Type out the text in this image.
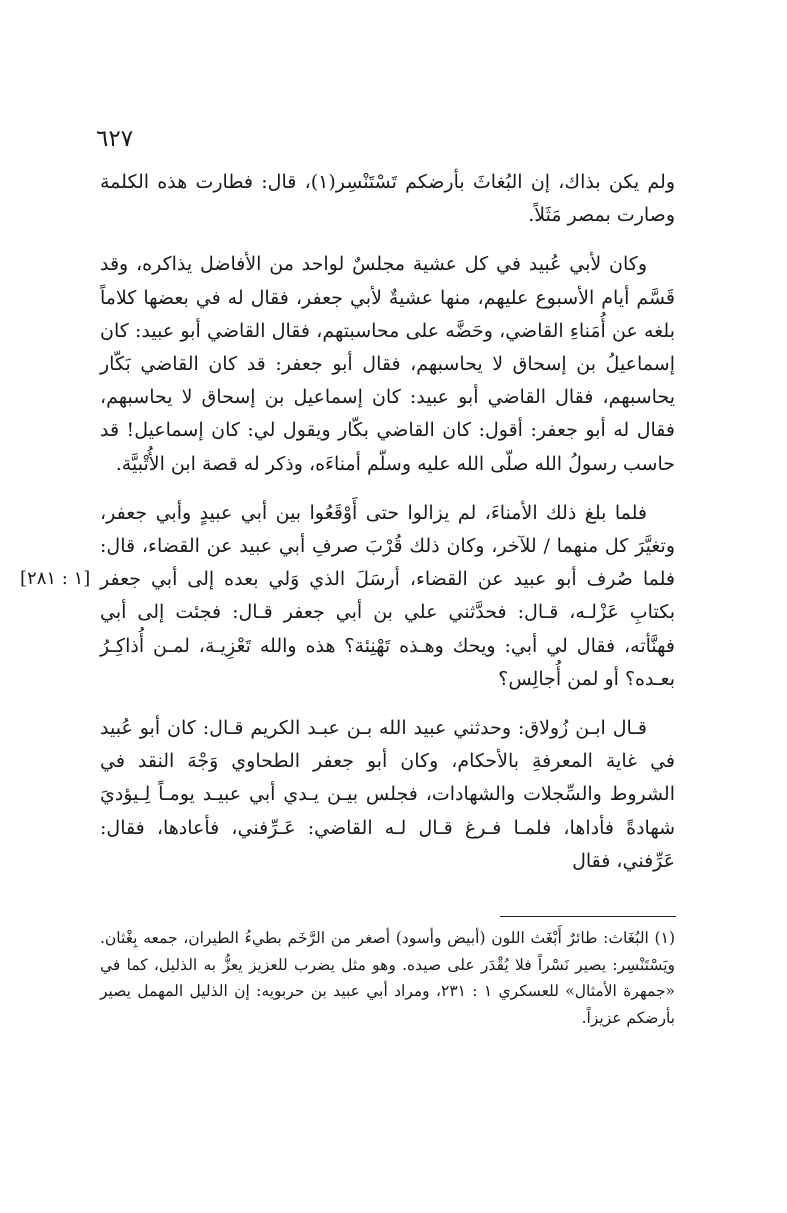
٦٢٧
[١ : ٢٨١]

ولم يكن بذاك، إن البُغاثَ بأرضكم تَسْتَنْسِر(١)، قال: فطارت هذه الكلمة وصارت بمصر مَثَلاً.

وكان لأبي عُبيد في كل عشية مجلسٌ لواحد من الأفاضل يذاكره، وقد قَسَّم أيام الأسبوع عليهم، منها عشيةٌ لأبي جعفر، فقال له في بعضها كلاماً بلغه عن أُمَناءِ القاضي، وحَضَّه على محاسبتهم، فقال القاضي أبو عبيد: كان إسماعيلُ بن إسحاق لا يحاسبهم، فقال أبو جعفر: قد كان القاضي بَكّار يحاسبهم، فقال القاضي أبو عبيد: كان إسماعيل بن إسحاق لا يحاسبهم، فقال له أبو جعفر: أقول: كان القاضي بكّار ويقول لي: كان إسماعيل! قد حاسب رسولُ الله صلّى الله عليه وسلّم أمناءَه، وذكر له قصة ابن الأُتْبيَّة.

فلما بلغ ذلك الأمناءَ، لم يزالوا حتى أَوْقَعُوا بين أبي عبيدٍ وأبي جعفر، وتغيَّرَ كل منهما / للآخر، وكان ذلك قُرْبَ صرفِ أبي عبيد عن القضاء، قال: فلما صُرف أبو عبيد عن القضاء، أرسَلَ الذي وَلي بعده إلى أبي جعفر بكتابِ عَزْلـه، قـال: فحدَّثني علي بن أبي جعفر قـال: فجئت إلى أبي فهنَّأته، فقال لي أبي: ويحك وهـذه تَهْنِئة؟ هذه والله تَعْزِيـة، لمـن أُذاكِـرُ بعـده؟ أو لمن أُجالِس؟

قـال ابـن زُولاق: وحدثني عبيد الله بـن عبـد الكريم قـال: كان أبو عُبيد في غاية المعرفةِ بالأحكام، وكان أبو جعفر الطحاوي وَجْهَ النقد في الشروط والسِّجلات والشهادات، فجلس بيـن يـدي أبي عبيـد يومـاً لِـيؤديَ شهادةً فأداها، فلمـا فـرغ قـال لـه القاضي: عَـرِّفني، فأعادها، فقال: عَرِّفني، فقال

(١) البُغَاث: طائرٌ أَبْغَث اللون (أبيض وأسود) أصغر من الرَّخَم بطيءُ الطيران، جمعه بِغْثان. ويَسْتَنْسِر: يصير نَسْراً فلا يُقْدَر على صيده. وهو مثل يضرب للعزيز يعزُّ به الذليل، كما في «جمهرة الأمثال» للعسكري ١ : ٢٣١، ومراد أبي عبيد بن حربويه: إن الذليل المهمل يصير بأرضكم عزيزاً.
